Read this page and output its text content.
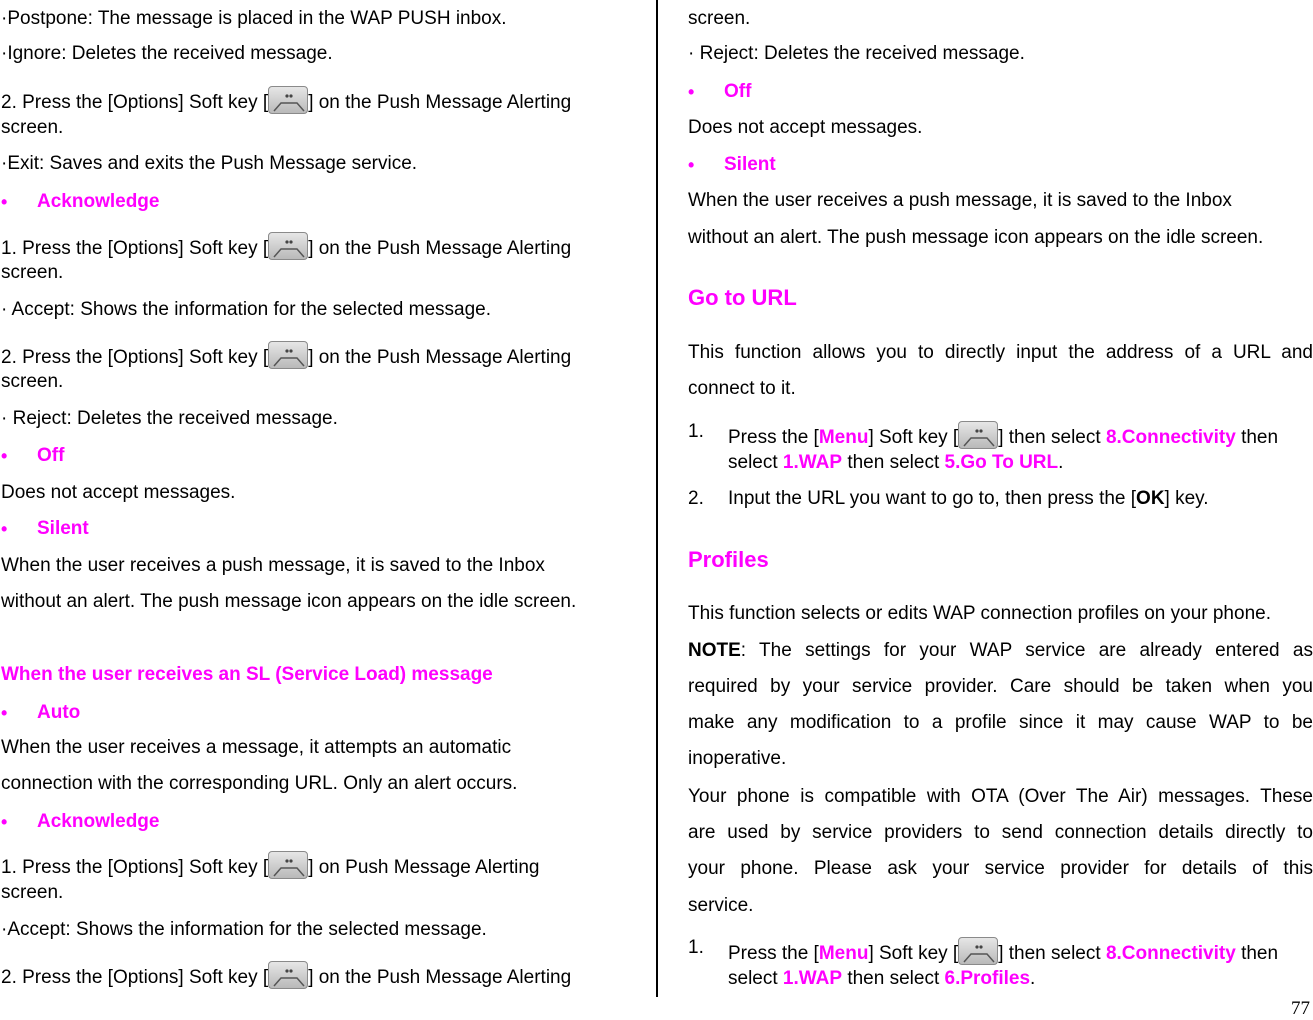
·Postpone: The message is placed in the WAP PUSH inbox.
·Ignore: Deletes the received message.
2. Press the [Options] Soft key [ ] on the Push Message Alerting
screen.
·Exit: Saves and exits the Push Message service.
• Acknowledge
1. Press the [Options] Soft key [ ] on the Push Message Alerting
screen.
· Accept: Shows the information for the selected message.
2. Press the [Options] Soft key [ ] on the Push Message Alerting
screen.
· Reject: Deletes the received message.
• Off
Does not accept messages.
• Silent
When the user receives a push message, it is saved to the Inbox
without an alert. The push message icon appears on the idle screen.
When the user receives an SL (Service Load) message
• Auto
When the user receives a message, it attempts an automatic
connection with the corresponding URL. Only an alert occurs.
• Acknowledge
1. Press the [Options] Soft key [ ] on Push Message Alerting
screen.
·Accept: Shows the information for the selected message.
2. Press the [Options] Soft key [ ] on the Push Message Alerting
screen.
· Reject: Deletes the received message.
• Off
Does not accept messages.
• Silent
When the user receives a push message, it is saved to the Inbox
without an alert. The push message icon appears on the idle screen.
Go to URL
This function allows you to directly input the address of a URL and
connect to it.
1. Press the [Menu] Soft key [ ] then select 8.Connectivity then
select 1.WAP then select 5.Go To URL.
2. Input the URL you want to go to, then press the [OK] key.
Profiles
This function selects or edits WAP connection profiles on your phone.
NOTE: The settings for your WAP service are already entered as
required by your service provider. Care should be taken when you
make any modification to a profile since it may cause WAP to be
inoperative.
Your phone is compatible with OTA (Over The Air) messages. These
are used by service providers to send connection details directly to
your phone. Please ask your service provider for details of this
service.
1. Press the [Menu] Soft key [ ] then select 8.Connectivity then
select 1.WAP then select 6.Profiles.
77
